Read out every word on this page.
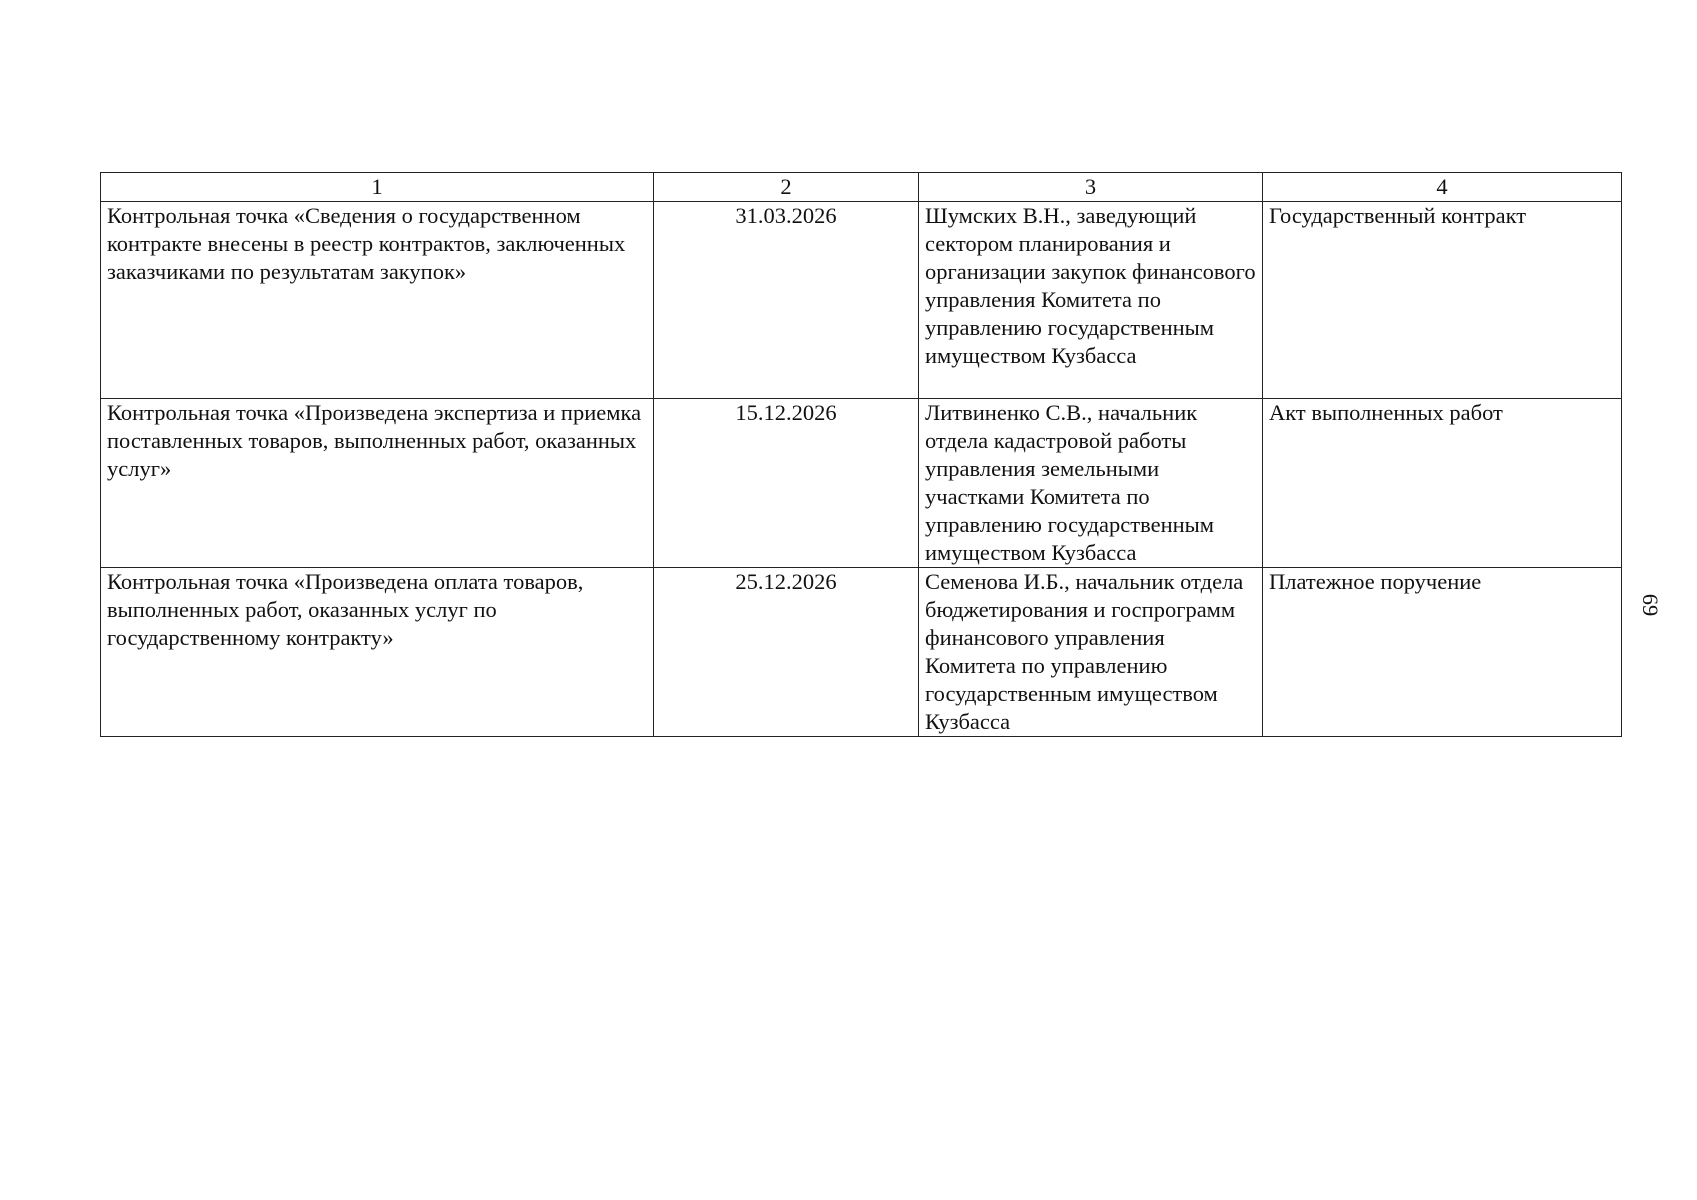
1	2	3	4
Контрольная точка «Сведения о государственном контракте внесены в реестр контрактов, заключенных заказчиками по результатам закупок»	31.03.2026	Шумских В.Н., заведующий сектором планирования и организации закупок финансового управления Комитета по управлению государственным имуществом Кузбасса	Государственный контракт
Контрольная точка «Произведена экспертиза и приемка поставленных товаров, выполненных работ, оказанных услуг»	15.12.2026	Литвиненко С.В., начальник отдела кадастровой работы управления земельными участками Комитета по управлению государственным имуществом Кузбасса	Акт выполненных работ
Контрольная точка «Произведена оплата товаров, выполненных работ, оказанных услуг по государственному контракту»	25.12.2026	Семенова И.Б., начальник отдела бюджетирования и госпрограмм финансового управления Комитета по управлению государственным имуществом Кузбасса	Платежное поручение
69
